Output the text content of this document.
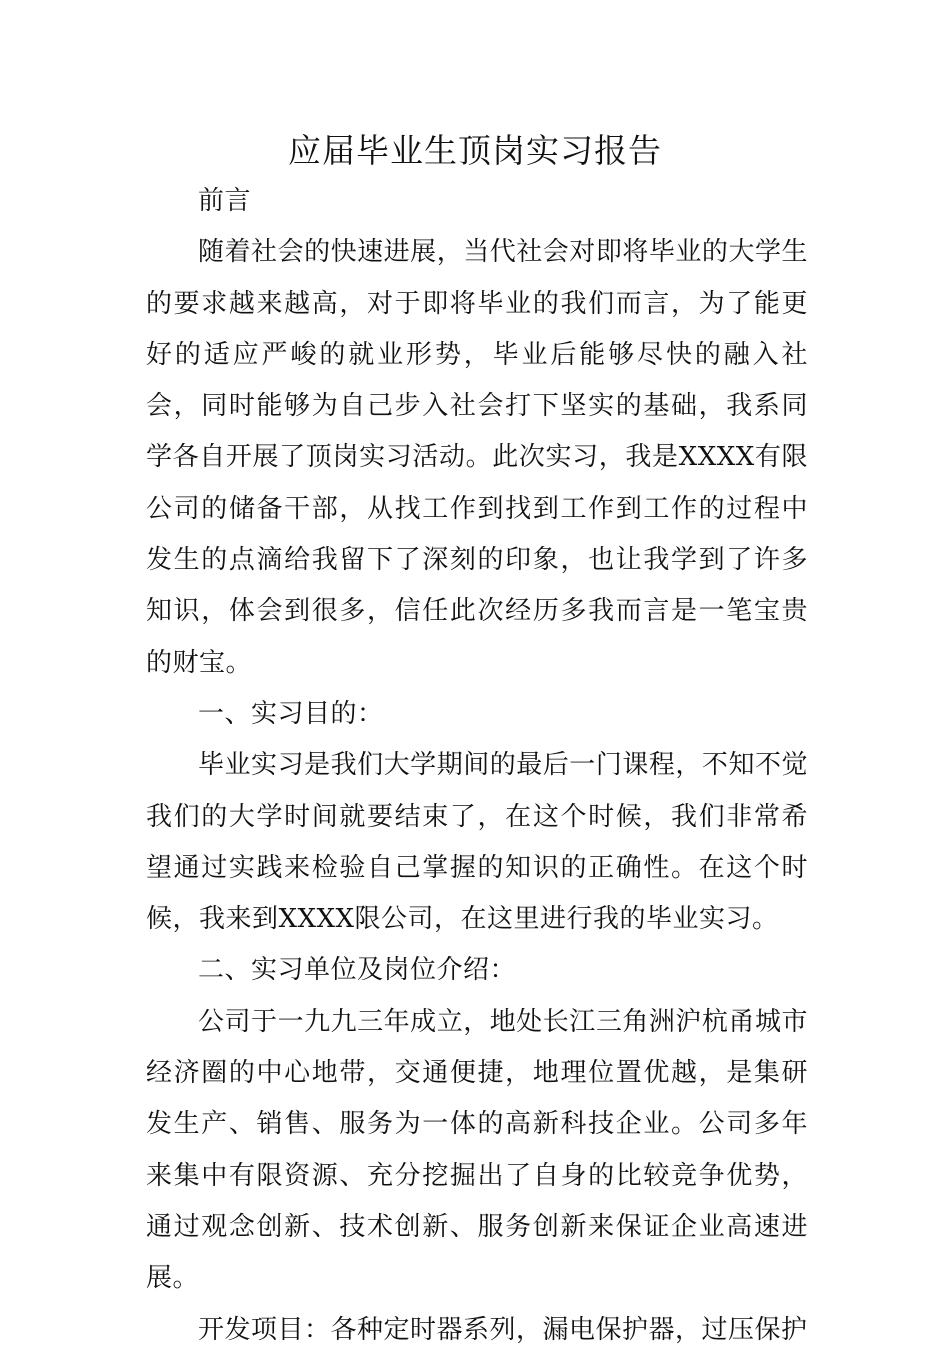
应届毕业生顶岗实习报告

前言

随着社会的快速进展，当代社会对即将毕业的大学生的要求越来越高，对于即将毕业的我们而言，为了能更好的适应严峻的就业形势，毕业后能够尽快的融入社会，同时能够为自己步入社会打下坚实的基础，我系同学各自开展了顶岗实习活动。此次实习，我是XXXX有限公司的储备干部，从找工作到找到工作到工作的过程中发生的点滴给我留下了深刻的印象，也让我学到了许多知识，体会到很多，信任此次经历多我而言是一笔宝贵的财宝。

一、实习目的：

毕业实习是我们大学期间的最后一门课程，不知不觉我们的大学时间就要结束了，在这个时候，我们非常希望通过实践来检验自己掌握的知识的正确性。在这个时候，我来到XXXX限公司，在这里进行我的毕业实习。

二、实习单位及岗位介绍：

公司于一九九三年成立，地处长江三角洲沪杭甬城市经济圈的中心地带，交通便捷，地理位置优越，是集研发生产、销售、服务为一体的高新科技企业。公司多年来集中有限资源、充分挖掘出了自身的比较竞争优势，通过观念创新、技术创新、服务创新来保证企业高速进展。

开发项目：各种定时器系列，漏电保护器，过压保护
